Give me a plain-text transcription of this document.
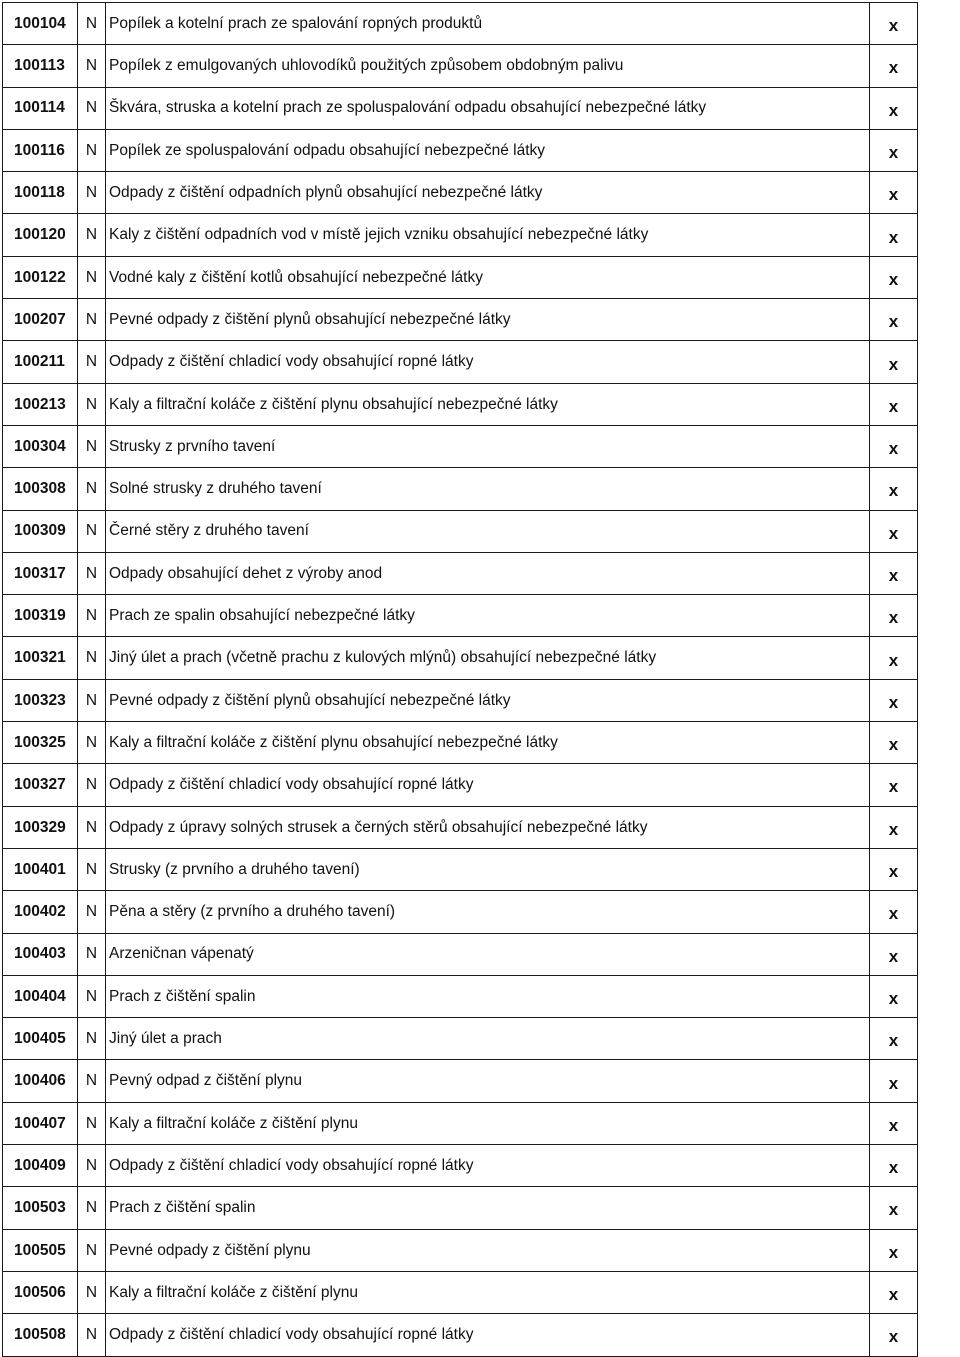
100104	N	Popílek a kotelní prach ze spalování ropných produktů	x
100113	N	Popílek z emulgovaných uhlovodíků použitých způsobem obdobným palivu	x
100114	N	Škvára, struska a kotelní prach ze spoluspalování odpadu obsahující nebezpečné látky	x
100116	N	Popílek ze spoluspalování odpadu obsahující nebezpečné látky	x
100118	N	Odpady z čištění odpadních plynů obsahující nebezpečné látky	x
100120	N	Kaly z čištění odpadních vod v místě jejich vzniku obsahující nebezpečné látky	x
100122	N	Vodné kaly z čištění kotlů obsahující nebezpečné látky	x
100207	N	Pevné odpady z čištění plynů obsahující nebezpečné látky	x
100211	N	Odpady z čištění chladicí vody obsahující ropné látky	x
100213	N	Kaly a filtrační koláče z čištění plynu obsahující nebezpečné látky	x
100304	N	Strusky z prvního tavení	x
100308	N	Solné strusky z druhého tavení	x
100309	N	Černé stěry z druhého tavení	x
100317	N	Odpady obsahující dehet z výroby anod	x
100319	N	Prach ze spalin obsahující nebezpečné látky	x
100321	N	Jiný úlet a prach (včetně prachu z kulových mlýnů) obsahující nebezpečné látky	x
100323	N	Pevné odpady z čištění plynů obsahující nebezpečné látky	x
100325	N	Kaly a filtrační koláče z čištění plynu obsahující nebezpečné látky	x
100327	N	Odpady z čištění chladicí vody obsahující ropné látky	x
100329	N	Odpady z úpravy solných strusek a černých stěrů obsahující nebezpečné látky	x
100401	N	Strusky (z prvního a druhého tavení)	x
100402	N	Pěna a stěry (z prvního a druhého tavení)	x
100403	N	Arzeničnan vápenatý	x
100404	N	Prach z čištění spalin	x
100405	N	Jiný úlet a prach	x
100406	N	Pevný odpad z čištění plynu	x
100407	N	Kaly a filtrační koláče z čištění plynu	x
100409	N	Odpady z čištění chladicí vody obsahující ropné látky	x
100503	N	Prach z čištění spalin	x
100505	N	Pevné odpady z čištění plynu	x
100506	N	Kaly a filtrační koláče z čištění plynu	x
100508	N	Odpady z čištění chladicí vody obsahující ropné látky	x
